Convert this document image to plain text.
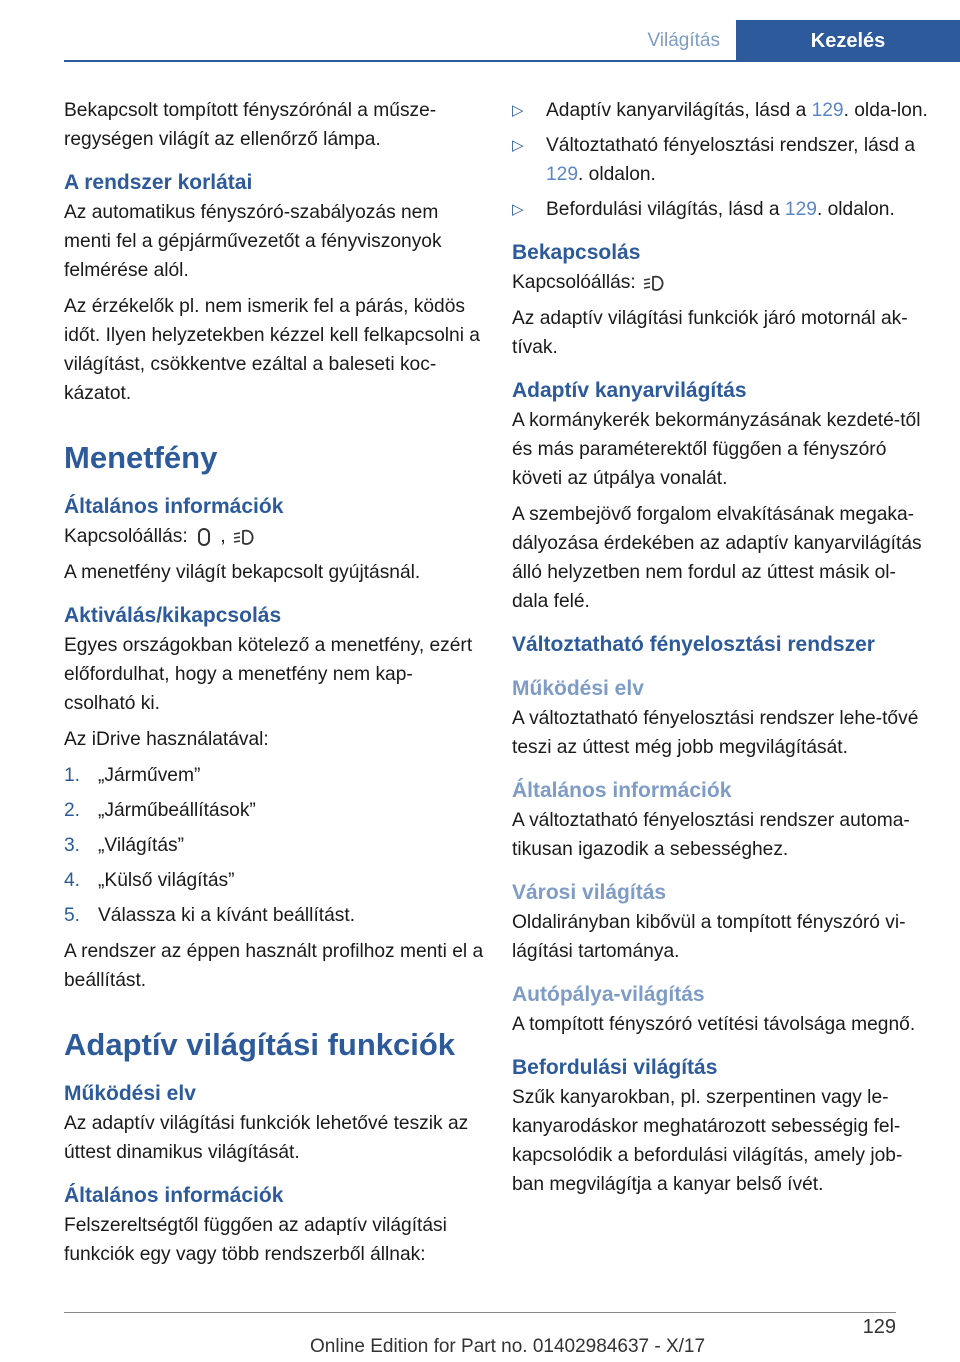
Világítás	Kezelés

Bekapcsolt tompított fényszórónál a műsze-regységen világít az ellenőrző lámpa.

A rendszer korlátai

Az automatikus fényszóró-szabályozás nem menti fel a gépjárművezetőt a fényviszonyok felmérése alól.

Az érzékelők pl. nem ismerik fel a párás, ködös időt. Ilyen helyzetekben kézzel kell felkapcsolni a világítást, csökkentve ezáltal a baleseti koc-kázatot.

Menetfény
Általános információk

Kapcsolóállás: ,

A menetfény világít bekapcsolt gyújtásnál.

Aktiválás/kikapcsolás

Egyes országokban kötelező a menetfény, ezért előfordulhat, hogy a menetfény nem kap-csolható ki.

Az iDrive használatával:

1. „Járművem”
2. „Járműbeállítások”
3. „Világítás”
4. „Külső világítás”
5. Válassza ki a kívánt beállítást.

A rendszer az éppen használt profilhoz menti el a beállítást.

Adaptív világítási funkciók
Működési elv

Az adaptív világítási funkciók lehetővé teszik az úttest dinamikus világítását.

Általános információk

Felszereltségtől függően az adaptív világítási funkciók egy vagy több rendszerből állnak:

▷ Adaptív kanyarvilágítás, lásd a 129. olda-lon.
▷ Változtatható fényelosztási rendszer, lásd a 129. oldalon.
▷ Befordulási világítás, lásd a 129. oldalon.
Bekapcsolás

Kapcsolóállás:

Az adaptív világítási funkciók járó motornál ak-tívak.

Adaptív kanyarvilágítás

A kormánykerék bekormányzásának kezdeté-től és más paraméterektől függően a fényszóró követi az útpálya vonalát.

A szembejövő forgalom elvakításának megaka-dályozása érdekében az adaptív kanyarvilágítás álló helyzetben nem fordul az úttest másik ol-dala felé.

Változtatható fényelosztási rendszer
Működési elv

A változtatható fényelosztási rendszer lehe-tővé teszi az úttest még jobb megvilágítását.

Általános információk

A változtatható fényelosztási rendszer automa-tikusan igazodik a sebességhez.

Városi világítás

Oldalirányban kibővül a tompított fényszóró vi-lágítási tartománya.

Autópálya-világítás

A tompított fényszóró vetítési távolsága megnő.

Befordulási világítás

Szűk kanyarokban, pl. szerpentinen vagy le-kanyarodáskor meghatározott sebességig fel-kapcsolódik a befordulási világítás, amely job-ban megvilágítja a kanyar belső ívét.

129
Online Edition for Part no. 01402984637 - X/17
